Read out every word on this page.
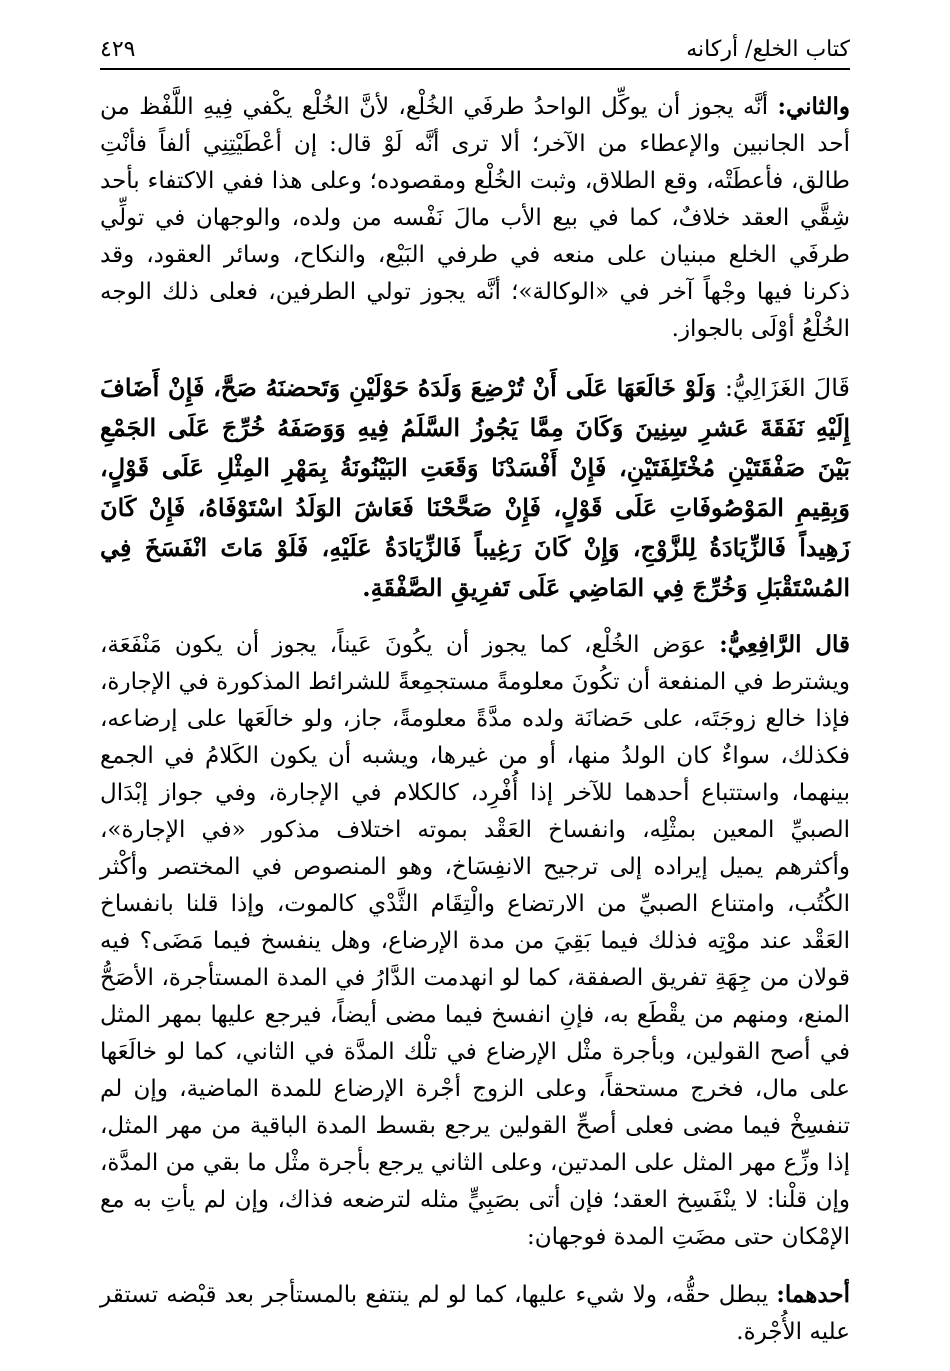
كتاب الخلع/ أركانه
٤٢٩

والثاني: أنَّه يجوز أن يوكِّل الواحدُ طرفَي الخُلْع، لأنَّ الخُلْع يكْفي فِيهِ اللَّفْظ من أحد الجانبين والإعطاء من الآخر؛ ألا ترى أنَّه لَوْ قال: إن أعْطَيْتِنِي ألفاً فأنْتِ طالق، فأعطَتْه، وقع الطلاق، وثبت الخُلْع ومقصوده؛ وعلى هذا ففي الاكتفاء بأحد شِقَّي العقد خلافٌ، كما في بيع الأب مالَ نَفْسه من ولده، والوجهان في تولِّي طرفَي الخلع مبنيان على منعه في طرفي البَيْع، والنكاح، وسائر العقود، وقد ذكرنا فيها وجْهاً آخر في «الوكالة»؛ أنَّه يجوز تولي الطرفين، فعلى ذلك الوجه الخُلْعُ أوْلَى بالجواز.

قَالَ الغَزَالِيُّ: وَلَوْ خَالَعَهَا عَلَى أَنْ تُرْضِعَ وَلَدَهُ حَوْلَيْنِ وَتَحضنَهُ صَحَّ، فَإِنْ أَضَافَ إِلَيْهِ نَفَقَةَ عَشرِ سِنِينَ وَكَانَ مِمَّا يَجُوزُ السَّلَمُ فِيهِ وَوَصَفَهُ خُرِّجَ عَلَى الجَمْعِ بَيْنَ صَفْقَتَيْنِ مُخْتَلِفَتَيْنِ، فَإِنْ أَفْسَدْنَا وَقَعَتِ البَيْنُونَةُ بِمَهْرِ المِثْلِ عَلَى قَوْلٍ، وَبِقِيمِ المَوْصُوفَاتِ عَلَى قَوْلٍ، فَإِنْ صَحَّحْنَا فَعَاشَ الوَلَدُ اسْتَوْفَاهُ، فَإِنْ كَانَ زَهِيداً فَالزِّيَادَةُ لِلزَّوْجِ، وَإِنْ كَانَ رَغِيباً فَالزِّيَادَةُ عَلَيْهِ، فَلَوْ مَاتَ انْفَسَخَ فِي المُسْتَقْبَلِ وَخُرِّجَ فِي المَاضِي عَلَى تَفرِيقِ الصَّفْقَةِ.

قال الرَّافِعِيُّ: عوَض الخُلْع، كما يجوز أن يكُونَ عَيناً، يجوز أن يكون مَنْفَعَة، ويشترط في المنفعة أن تكُونَ معلومةً مستجمِعةً للشرائط المذكورة في الإجارة، فإذا خالع زوجَتَه، على حَضانَة ولده مدَّةً معلومةً، جاز، ولو خالَعَها على إرضاعه، فكذلك، سواءٌ كان الولدُ منها، أو من غيرها، ويشبه أن يكون الكَلامُ في الجمع بينهما، واستتباع أحدهما للآخر إذا أُفْرِد، كالكلام في الإجارة، وفي جواز إبْدَال الصبيِّ المعين بمثْلِه، وانفساخ العَقْد بموته اختلاف مذكور «في الإجارة»، وأكثرهم يميل إيراده إلى ترجيح الانفِسَاخ، وهو المنصوص في المختصر وأكْثر الكُتُب، وامتناع الصبيِّ من الارتضاع والْتِقَام الثَّدْي كالموت، وإذا قلنا بانفساخ العَقْد عند موْتِه فذلك فيما بَقِيَ من مدة الإرضاع، وهل ينفسخ فيما مَضَى؟ فيه قولان من جِهَةِ تفريق الصفقة، كما لو انهدمت الدَّارُ في المدة المستأجرة، الأصَحُّ المنع، ومنهم من يقْطَع به، فإنِ انفسخ فيما مضى أيضاً، فيرجع عليها بمهر المثل في أصح القولين، وبأجرة مثْل الإرضاع في تلْك المدَّة في الثاني، كما لو خالَعَها على مال، فخرج مستحقاً، وعلى الزوج أجْرة الإرضاع للمدة الماضية، وإن لم تنفسِخْ فيما مضى فعلى أصحِّ القولين يرجع بقسط المدة الباقية من مهر المثل، إذا وزِّع مهر المثل على المدتين، وعلى الثاني يرجع بأجرة مثْل ما بقي من المدَّة، وإن قلْنا: لا ينْفَسِخ العقد؛ فإن أتى بصَبِيٍّ مثله لترضعه فذاك، وإن لم يأتِ به مع الإمْكان حتى مضَتِ المدة فوجهان:

أحدهما: يبطل حقُّه، ولا شيء عليها، كما لو لم ينتفع بالمستأجر بعد قبْضه تستقر عليه الأُجْرة.
